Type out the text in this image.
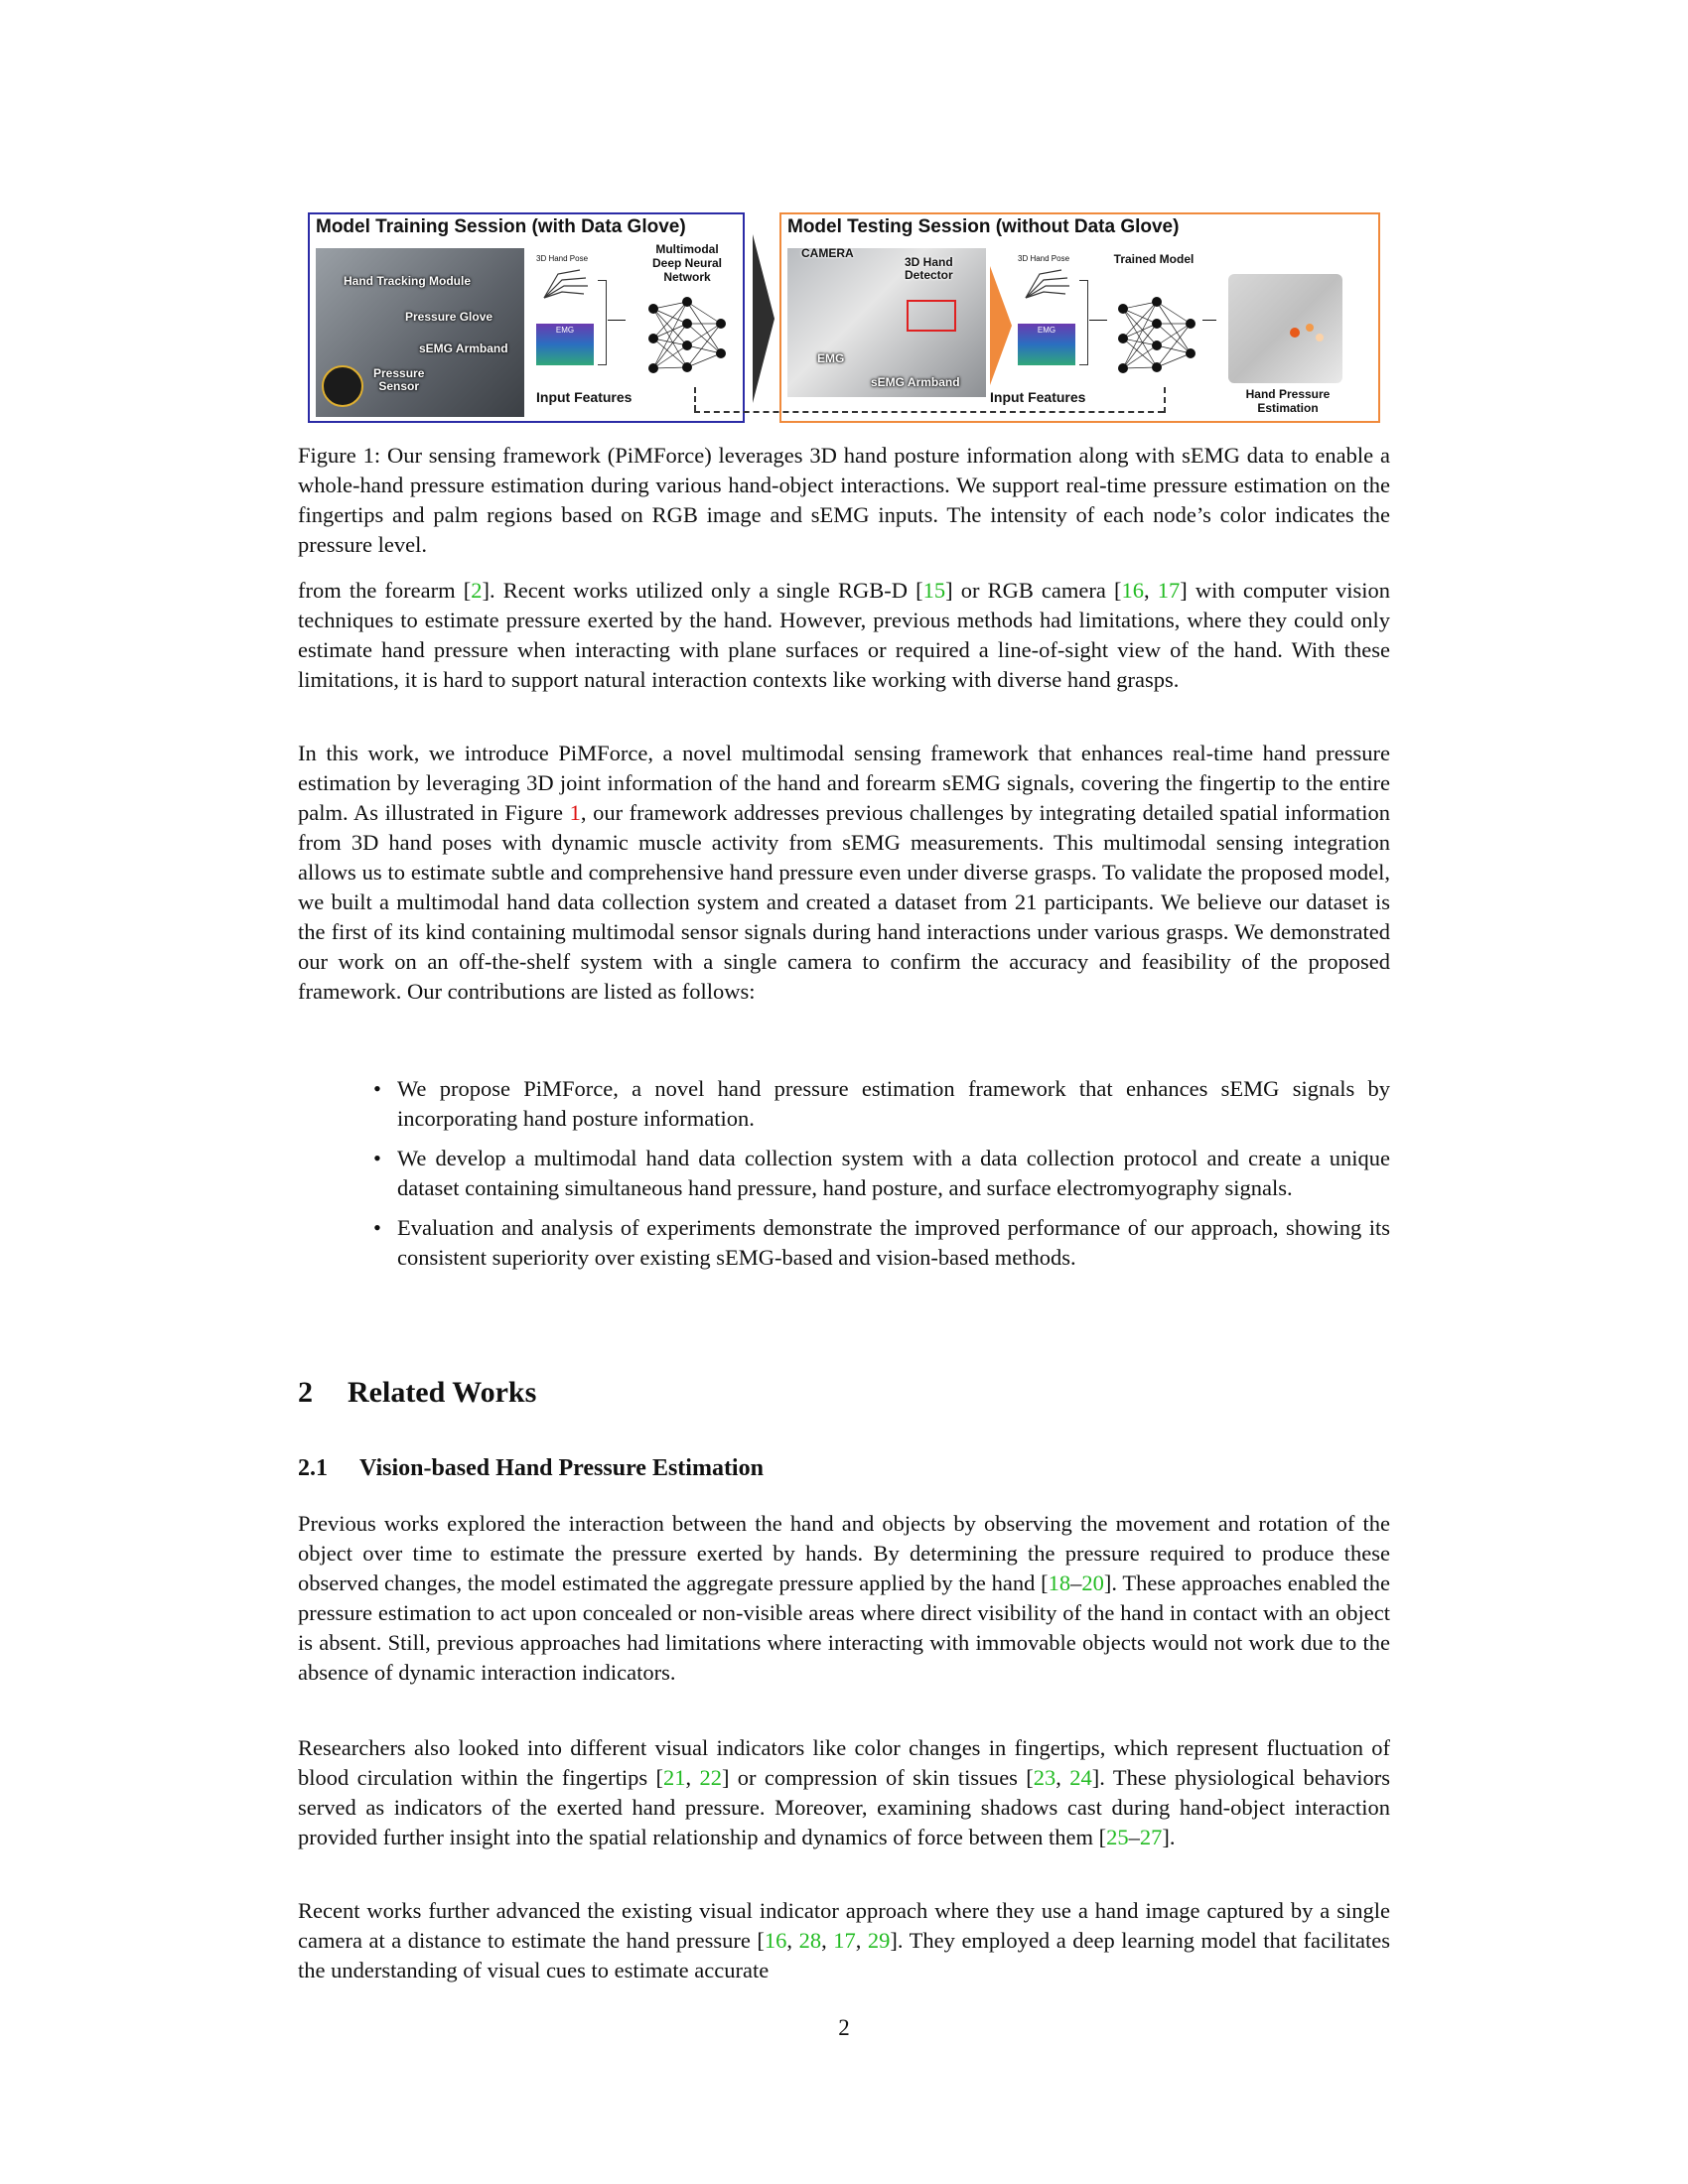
Model Training Session (with Data Glove)
Hand Tracking Module
Pressure Glove
sEMG Armband
Pressure
Sensor
3D Hand Pose
EMG
Input Features
Multimodal
Deep Neural
Network
Model Testing Session (without Data Glove)
CAMERA
3D Hand
Detector
EMG
sEMG Armband
3D Hand Pose
EMG
Input Features
Trained Model
Hand Pressure
Estimation
Figure 1: Our sensing framework (PiMForce) leverages 3D hand posture information along with sEMG data to enable a whole-hand pressure estimation during various hand-object interactions. We support real-time pressure estimation on the fingertips and palm regions based on RGB image and sEMG inputs. The intensity of each node’s color indicates the pressure level.

from the forearm [2]. Recent works utilized only a single RGB-D [15] or RGB camera [16, 17] with computer vision techniques to estimate pressure exerted by the hand. However, previous methods had limitations, where they could only estimate hand pressure when interacting with plane surfaces or required a line-of-sight view of the hand. With these limitations, it is hard to support natural interaction contexts like working with diverse hand grasps.

In this work, we introduce PiMForce, a novel multimodal sensing framework that enhances real-time hand pressure estimation by leveraging 3D joint information of the hand and forearm sEMG signals, covering the fingertip to the entire palm. As illustrated in Figure 1, our framework addresses previous challenges by integrating detailed spatial information from 3D hand poses with dynamic muscle activity from sEMG measurements. This multimodal sensing integration allows us to estimate subtle and comprehensive hand pressure even under diverse grasps. To validate the proposed model, we built a multimodal hand data collection system and created a dataset from 21 participants. We believe our dataset is the first of its kind containing multimodal sensor signals during hand interactions under various grasps. We demonstrated our work on an off-the-shelf system with a single camera to confirm the accuracy and feasibility of the proposed framework. Our contributions are listed as follows:

• We propose PiMForce, a novel hand pressure estimation framework that enhances sEMG signals by incorporating hand posture information.
• We develop a multimodal hand data collection system with a data collection protocol and create a unique dataset containing simultaneous hand pressure, hand posture, and surface electromyography signals.
• Evaluation and analysis of experiments demonstrate the improved performance of our approach, showing its consistent superiority over existing sEMG-based and vision-based methods.
2 Related Works
2.1 Vision-based Hand Pressure Estimation

Previous works explored the interaction between the hand and objects by observing the movement and rotation of the object over time to estimate the pressure exerted by hands. By determining the pressure required to produce these observed changes, the model estimated the aggregate pressure applied by the hand [18–20]. These approaches enabled the pressure estimation to act upon concealed or non-visible areas where direct visibility of the hand in contact with an object is absent. Still, previous approaches had limitations where interacting with immovable objects would not work due to the absence of dynamic interaction indicators.

Researchers also looked into different visual indicators like color changes in fingertips, which represent fluctuation of blood circulation within the fingertips [21, 22] or compression of skin tissues [23, 24]. These physiological behaviors served as indicators of the exerted hand pressure. Moreover, examining shadows cast during hand-object interaction provided further insight into the spatial relationship and dynamics of force between them [25–27].

Recent works further advanced the existing visual indicator approach where they use a hand image captured by a single camera at a distance to estimate the hand pressure [16, 28, 17, 29]. They employed a deep learning model that facilitates the understanding of visual cues to estimate accurate

2
